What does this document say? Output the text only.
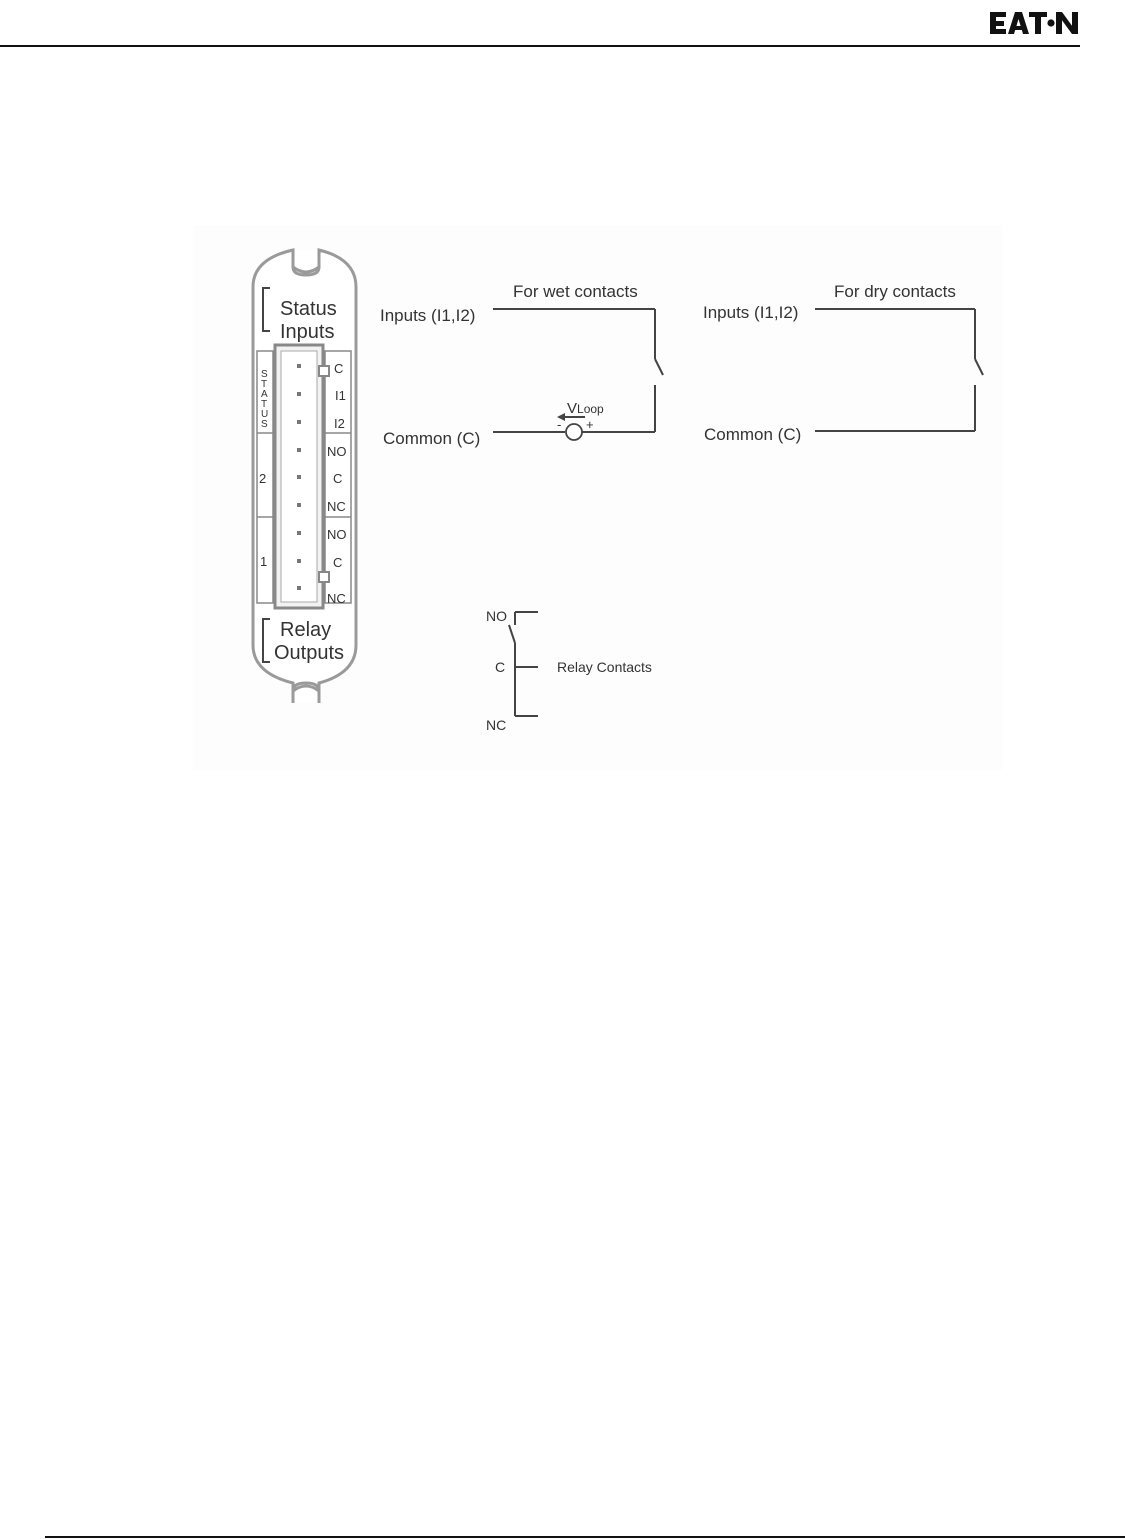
Status
Inputs
Relay
Outputs
S
T
A
T
U
S
2
1
C
I1
I2
NO
C
NC
NO
C
NC
For wet contacts
Inputs (I1,I2)
Common (C)
VLoop
- +
For dry contacts
Inputs (I1,I2)
Common (C)
NO
C
NC
Relay Contacts
